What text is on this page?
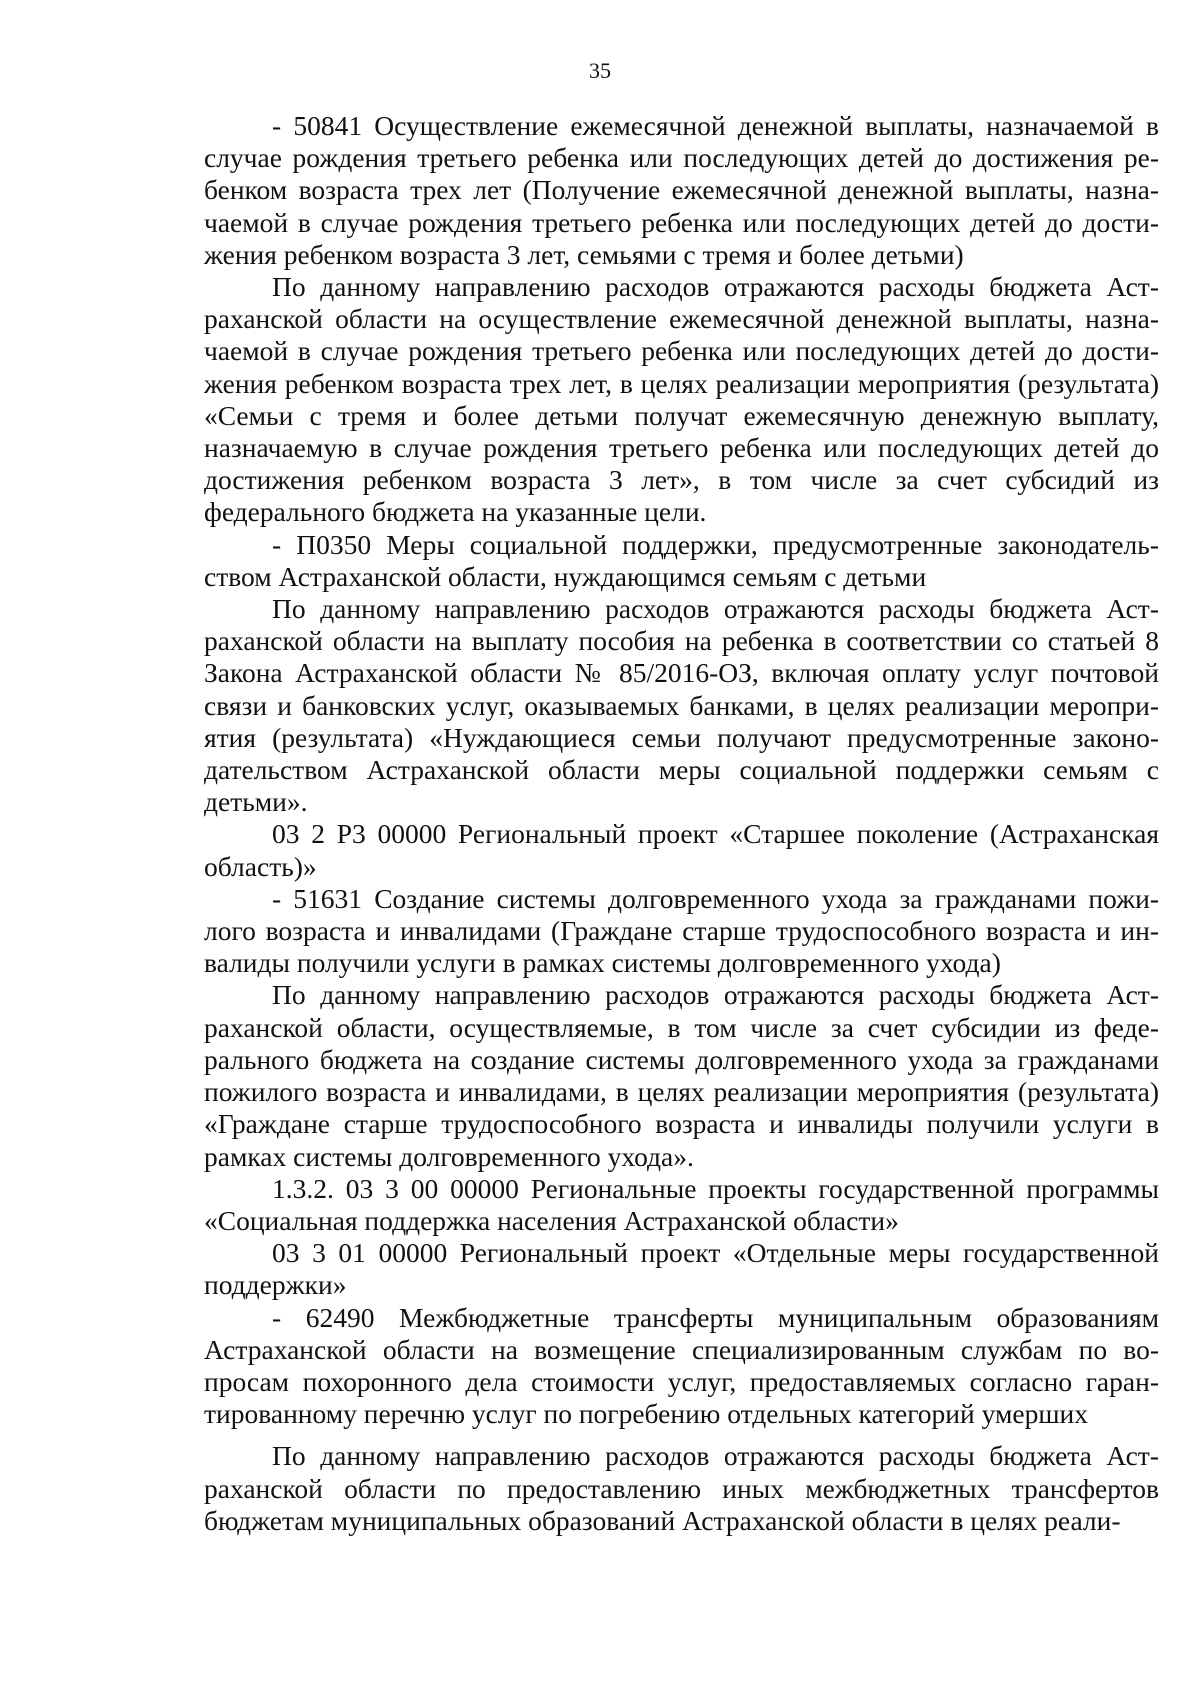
35

- 50841 Осуществление ежемесячной денежной выплаты, назначаемой в случае рождения третьего ребенка или последующих детей до достижения ребенком возраста трех лет (Получение ежемесячной денежной выплаты, назначаемой в случае рождения третьего ребенка или последующих детей до достижения ребенком возраста 3 лет, семьями с тремя и более детьми)

По данному направлению расходов отражаются расходы бюджета Астраханской области на осуществление ежемесячной денежной выплаты, назначаемой в случае рождения третьего ребенка или последующих детей до достижения ребенком возраста трех лет, в целях реализации мероприятия (результата) «Семьи с тремя и более детьми получат ежемесячную денежную выплату, назначаемую в случае рождения третьего ребенка или последующих детей до достижения ребенком возраста 3 лет», в том числе за счет субсидий из федерального бюджета на указанные цели.

- П0350 Меры социальной поддержки, предусмотренные законодательством Астраханской области, нуждающимся семьям с детьми

По данному направлению расходов отражаются расходы бюджета Астраханской области на выплату пособия на ребенка в соответствии со статьей 8 Закона Астраханской области № 85/2016-ОЗ, включая оплату услуг почтовой связи и банковских услуг, оказываемых банками, в целях реализации мероприятия (результата) «Нуждающиеся семьи получают предусмотренные законодательством Астраханской области меры социальной поддержки семьям с детьми».

03 2 Р3 00000 Региональный проект «Старшее поколение (Астраханская область)»

- 51631 Создание системы долговременного ухода за гражданами пожилого возраста и инвалидами (Граждане старше трудоспособного возраста и инвалиды получили услуги в рамках системы долговременного ухода)

По данному направлению расходов отражаются расходы бюджета Астраханской области, осуществляемые, в том числе за счет субсидии из федерального бюджета на создание системы долговременного ухода за гражданами пожилого возраста и инвалидами, в целях реализации мероприятия (результата) «Граждане старше трудоспособного возраста и инвалиды получили услуги в рамках системы долговременного ухода».

1.3.2. 03 3 00 00000 Региональные проекты государственной программы «Социальная поддержка населения Астраханской области»

03 3 01 00000 Региональный проект «Отдельные меры государственной поддержки»

- 62490 Межбюджетные трансферты муниципальным образованиям Астраханской области на возмещение специализированным службам по вопросам похоронного дела стоимости услуг, предоставляемых согласно гарантированному перечню услуг по погребению отдельных категорий умерших

По данному направлению расходов отражаются расходы бюджета Астраханской области по предоставлению иных межбюджетных трансфертов бюджетам муниципальных образований Астраханской области в целях реали-
